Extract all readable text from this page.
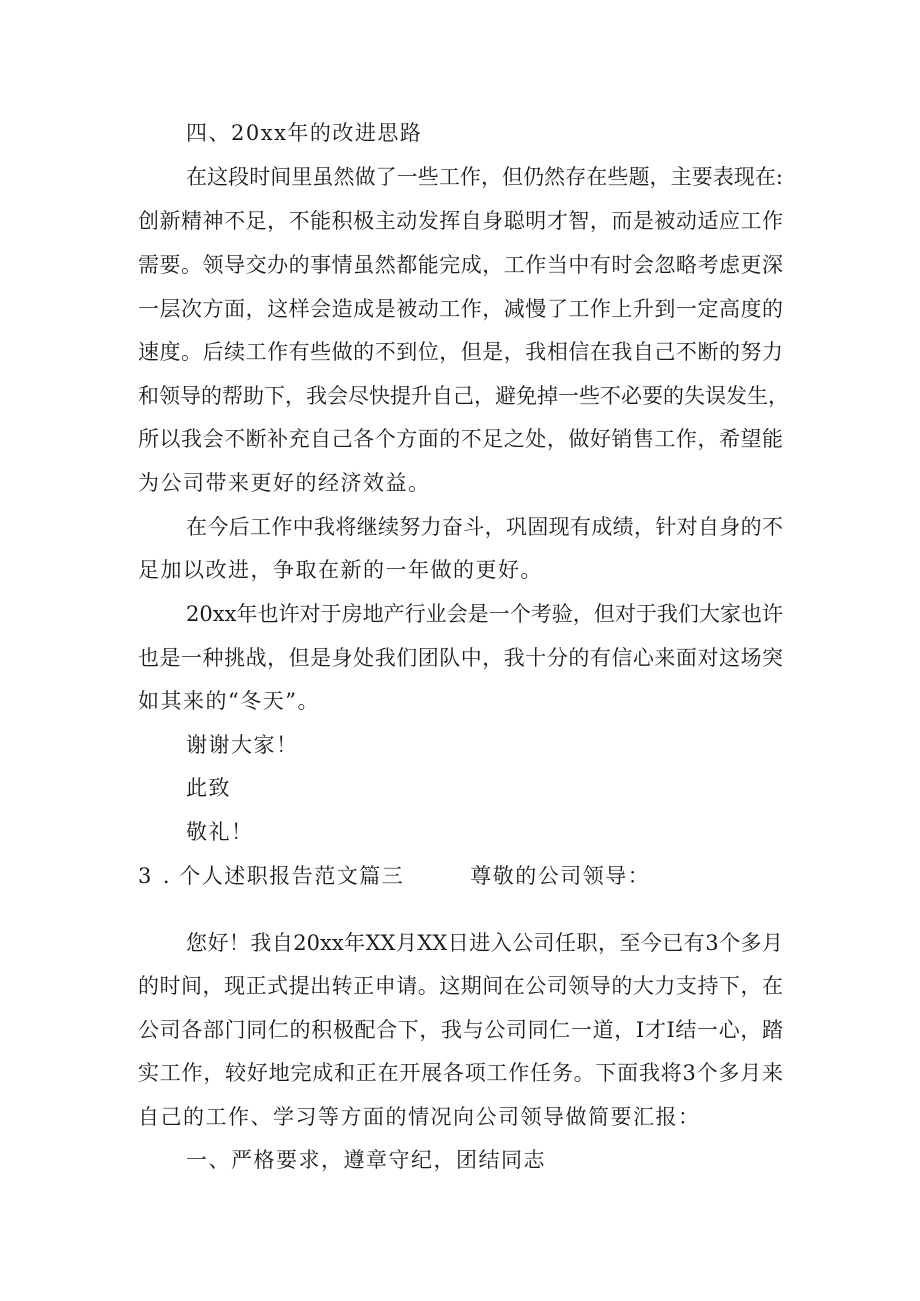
四、20xx年的改进思路
在这段时间里虽然做了一些工作，但仍然存在些题，主要表现在:
创新精神不足，不能积极主动发挥自身聪明才智，而是被动适应工作
需要。领导交办的事情虽然都能完成，工作当中有时会忽略考虑更深
一层次方面，这样会造成是被动工作，减慢了工作上升到一定高度的
速度。后续工作有些做的不到位，但是，我相信在我自己不断的努力
和领导的帮助下，我会尽快提升自己，避免掉一些不必要的失误发生，
所以我会不断补充自己各个方面的不足之处，做好销售工作，希望能
为公司带来更好的经济效益。
在今后工作中我将继续努力奋斗，巩固现有成绩，针对自身的不
足加以改进，争取在新的一年做的更好。
20xx年也许对于房地产行业会是一个考验，但对于我们大家也许
也是一种挑战，但是身处我们团队中，我十分的有信心来面对这场突
如其来的“冬天”。
谢谢大家！
此致
敬礼！
3 . 个人述职报告范文篇三	尊敬的公司领导：
您好！我自20xx年XX月XX日进入公司任职，至今已有3个多月
的时间，现正式提出转正申请。这期间在公司领导的大力支持下，在
公司各部门同仁的积极配合下，我与公司同仁一道，I才I结一心，踏
实工作，较好地完成和正在开展各项工作任务。下面我将3个多月来
自己的工作、学习等方面的情况向公司领导做简要汇报：
一、严格要求，遵章守纪，团结同志
